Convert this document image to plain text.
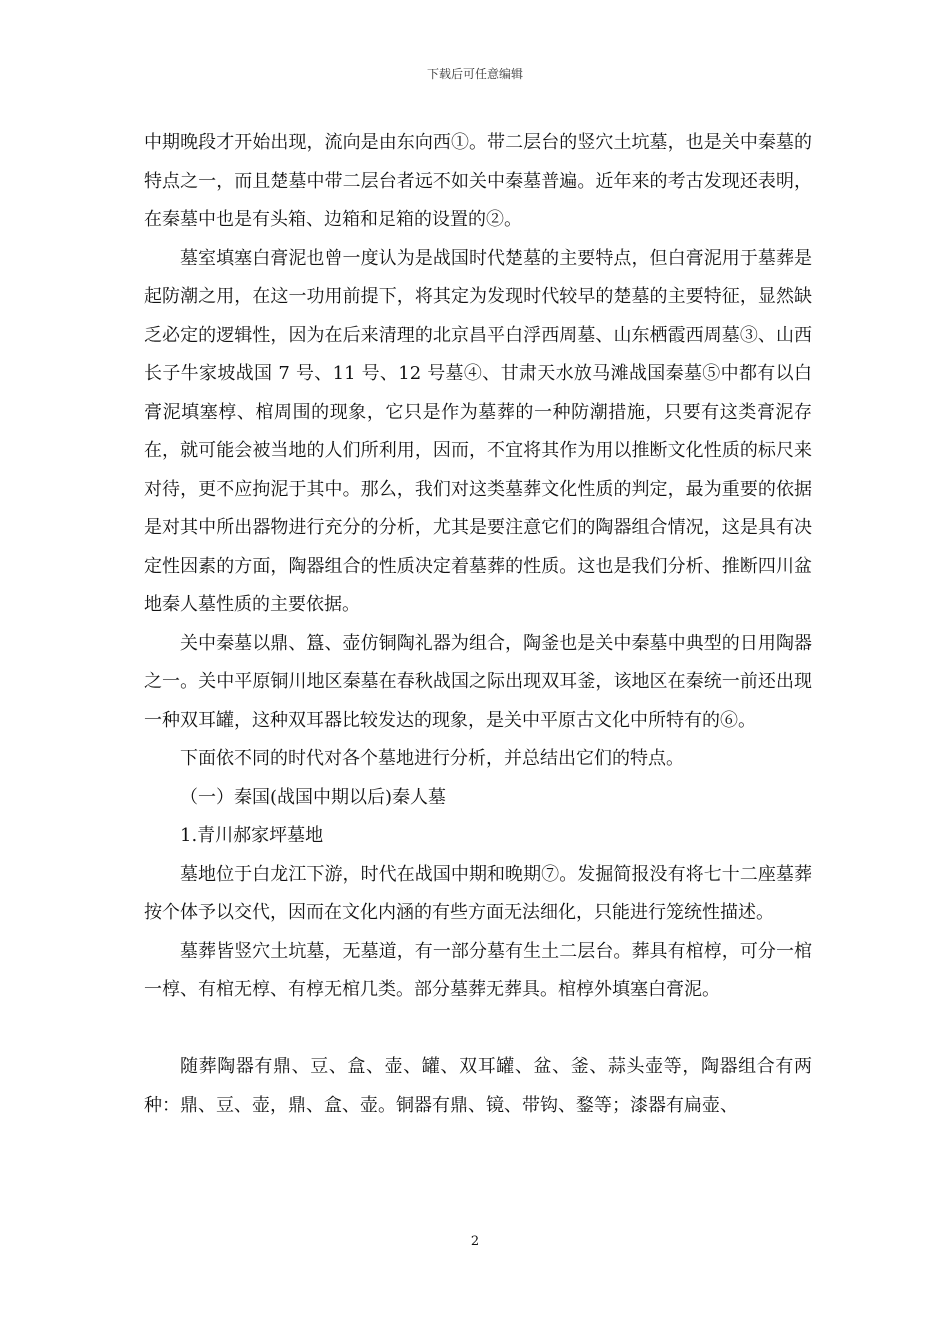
下载后可任意编辑

中期晚段才开始出现，流向是由东向西①。带二层台的竖穴土坑墓，也是关中秦墓的特点之一，而且楚墓中带二层台者远不如关中秦墓普遍。近年来的考古发现还表明，在秦墓中也是有头箱、边箱和足箱的设置的②。

墓室填塞白膏泥也曾一度认为是战国时代楚墓的主要特点，但白膏泥用于墓葬是起防潮之用，在这一功用前提下，将其定为发现时代较早的楚墓的主要特征，显然缺乏必定的逻辑性，因为在后来清理的北京昌平白浮西周墓、山东栖霞西周墓③、山西长子牛家坡战国 7 号、11 号、12 号墓④、甘肃天水放马滩战国秦墓⑤中都有以白膏泥填塞椁、棺周围的现象，它只是作为墓葬的一种防潮措施，只要有这类膏泥存在，就可能会被当地的人们所利用，因而，不宜将其作为用以推断文化性质的标尺来对待，更不应拘泥于其中。那么，我们对这类墓葬文化性质的判定，最为重要的依据是对其中所出器物进行充分的分析，尤其是要注意它们的陶器组合情况，这是具有决定性因素的方面，陶器组合的性质决定着墓葬的性质。这也是我们分析、推断四川盆地秦人墓性质的主要依据。

关中秦墓以鼎、簋、壶仿铜陶礼器为组合，陶釜也是关中秦墓中典型的日用陶器之一。关中平原铜川地区秦墓在春秋战国之际出现双耳釜，该地区在秦统一前还出现一种双耳罐，这种双耳器比较发达的现象，是关中平原古文化中所特有的⑥。

下面依不同的时代对各个墓地进行分析，并总结出它们的特点。

（一）秦国(战国中期以后)秦人墓

1.青川郝家坪墓地

墓地位于白龙江下游，时代在战国中期和晚期⑦。发掘简报没有将七十二座墓葬按个体予以交代，因而在文化内涵的有些方面无法细化，只能进行笼统性描述。

墓葬皆竖穴土坑墓，无墓道，有一部分墓有生土二层台。葬具有棺椁，可分一棺一椁、有棺无椁、有椁无棺几类。部分墓葬无葬具。棺椁外填塞白膏泥。

随葬陶器有鼎、豆、盒、壶、罐、双耳罐、盆、釜、蒜头壶等，陶器组合有两种：鼎、豆、壶，鼎、盒、壶。铜器有鼎、镜、带钩、鍪等；漆器有扁壶、

2
